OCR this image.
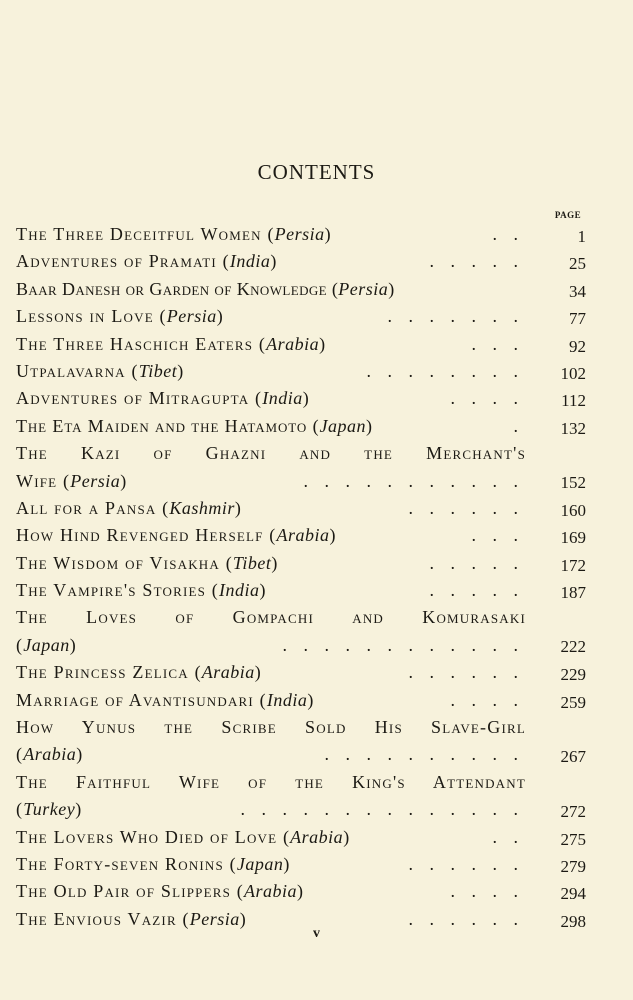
CONTENTS
PAGE
The Three Deceitful Women (Persia)	. .	1
Adventures of Pramati (India)	. . . . .	25
Baar Danesh or Garden of Knowledge (Persia)	34
Lessons in Love (Persia)	. . . . . . .	77
The Three Haschich Eaters (Arabia)	. . .	92
Utpalavarna (Tibet)	. . . . . . . .	102
Adventures of Mitragupta (India)	. . . .	112
The Eta Maiden and the Hatamoto (Japan)	.	132
The Kazi of Ghazni and the Merchant's
Wife (Persia)	. . . . . . . . . . .	152
All for a Pansa (Kashmir)	. . . . . .	160
How Hind Revenged Herself (Arabia)	. . .	169
The Wisdom of Visakha (Tibet)	. . . . .	172
The Vampire's Stories (India)	. . . . .	187
The Loves of Gompachi and Komurasaki
(Japan)	. . . . . . . . . . . .	222
The Princess Zelica (Arabia)	. . . . . .	229
Marriage of Avantisundari (India)	. . . .	259
How Yunus the Scribe Sold His Slave-Girl
(Arabia)	. . . . . . . . . .	267
The Faithful Wife of the King's Attendant
(Turkey)	. . . . . . . . . . . . . .	272
The Lovers Who Died of Love (Arabia)	. .	275
The Forty-seven Ronins (Japan)	. . . . . .	279
The Old Pair of Slippers (Arabia)	. . . .	294
The Envious Vazir (Persia)	. . . . . .	298
v
